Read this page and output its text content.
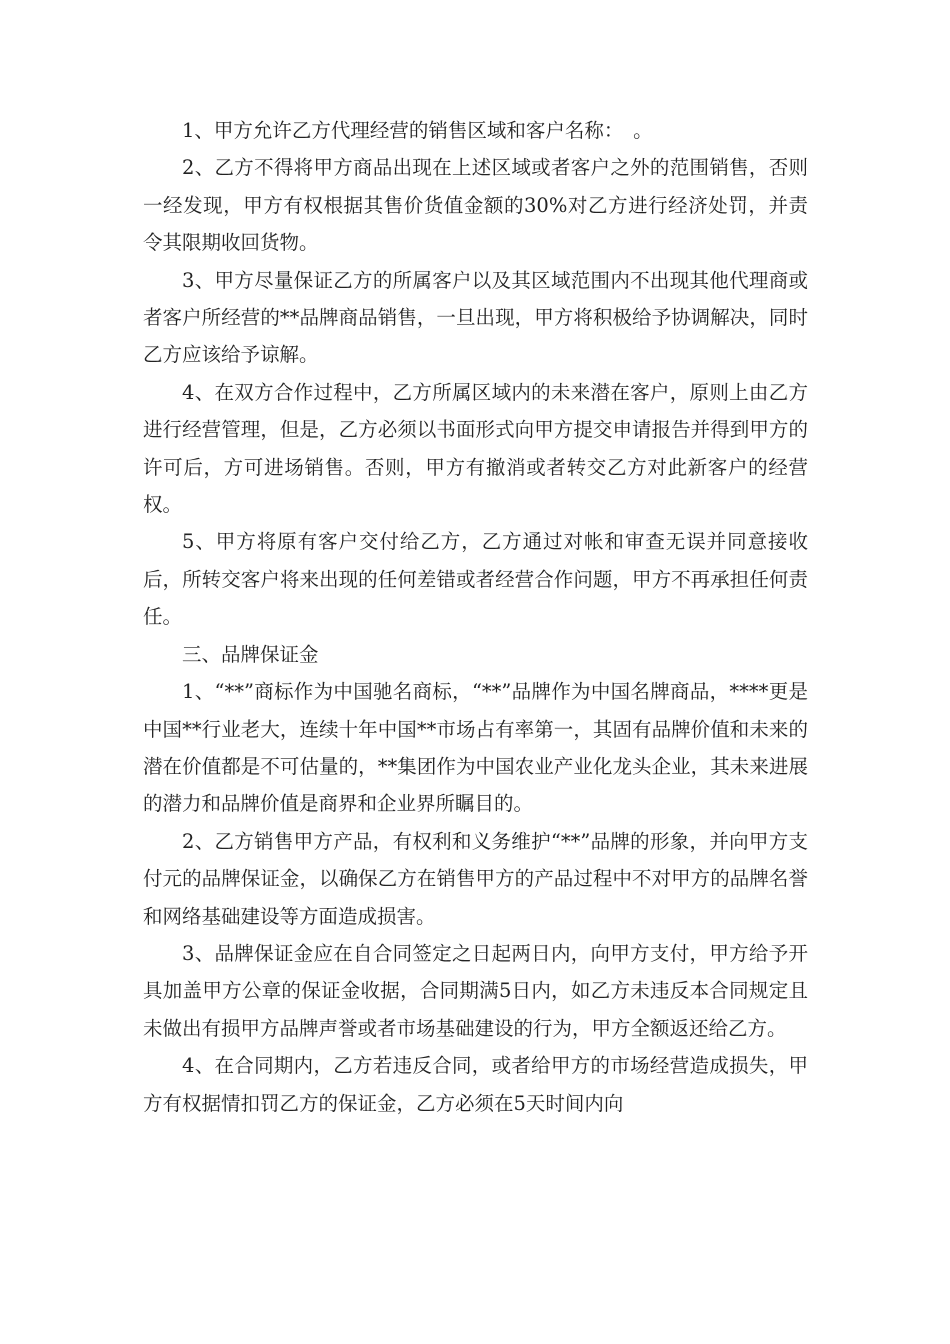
1、甲方允许乙方代理经营的销售区域和客户名称：　。

2、乙方不得将甲方商品出现在上述区域或者客户之外的范围销售，否则一经发现，甲方有权根据其售价货值金额的30%对乙方进行经济处罚，并责令其限期收回货物。

3、甲方尽量保证乙方的所属客户以及其区域范围内不出现其他代理商或者客户所经营的**品牌商品销售，一旦出现，甲方将积极给予协调解决，同时乙方应该给予谅解。

4、在双方合作过程中，乙方所属区域内的未来潜在客户，原则上由乙方进行经营管理，但是，乙方必须以书面形式向甲方提交申请报告并得到甲方的许可后，方可进场销售。否则，甲方有撤消或者转交乙方对此新客户的经营权。

5、甲方将原有客户交付给乙方，乙方通过对帐和审查无误并同意接收后，所转交客户将来出现的任何差错或者经营合作问题，甲方不再承担任何责任。

三、品牌保证金

1、“**”商标作为中国驰名商标，“**”品牌作为中国名牌商品，****更是中国**行业老大，连续十年中国**市场占有率第一，其固有品牌价值和未来的潜在价值都是不可估量的，**集团作为中国农业产业化龙头企业，其未来进展的潜力和品牌价值是商界和企业界所瞩目的。

2、乙方销售甲方产品，有权利和义务维护“**”品牌的形象，并向甲方支付元的品牌保证金，以确保乙方在销售甲方的产品过程中不对甲方的品牌名誉和网络基础建设等方面造成损害。

3、品牌保证金应在自合同签定之日起两日内，向甲方支付，甲方给予开具加盖甲方公章的保证金收据，合同期满5日内，如乙方未违反本合同规定且未做出有损甲方品牌声誉或者市场基础建设的行为，甲方全额返还给乙方。

4、在合同期内，乙方若违反合同，或者给甲方的市场经营造成损失，甲方有权据情扣罚乙方的保证金，乙方必须在5天时间内向
